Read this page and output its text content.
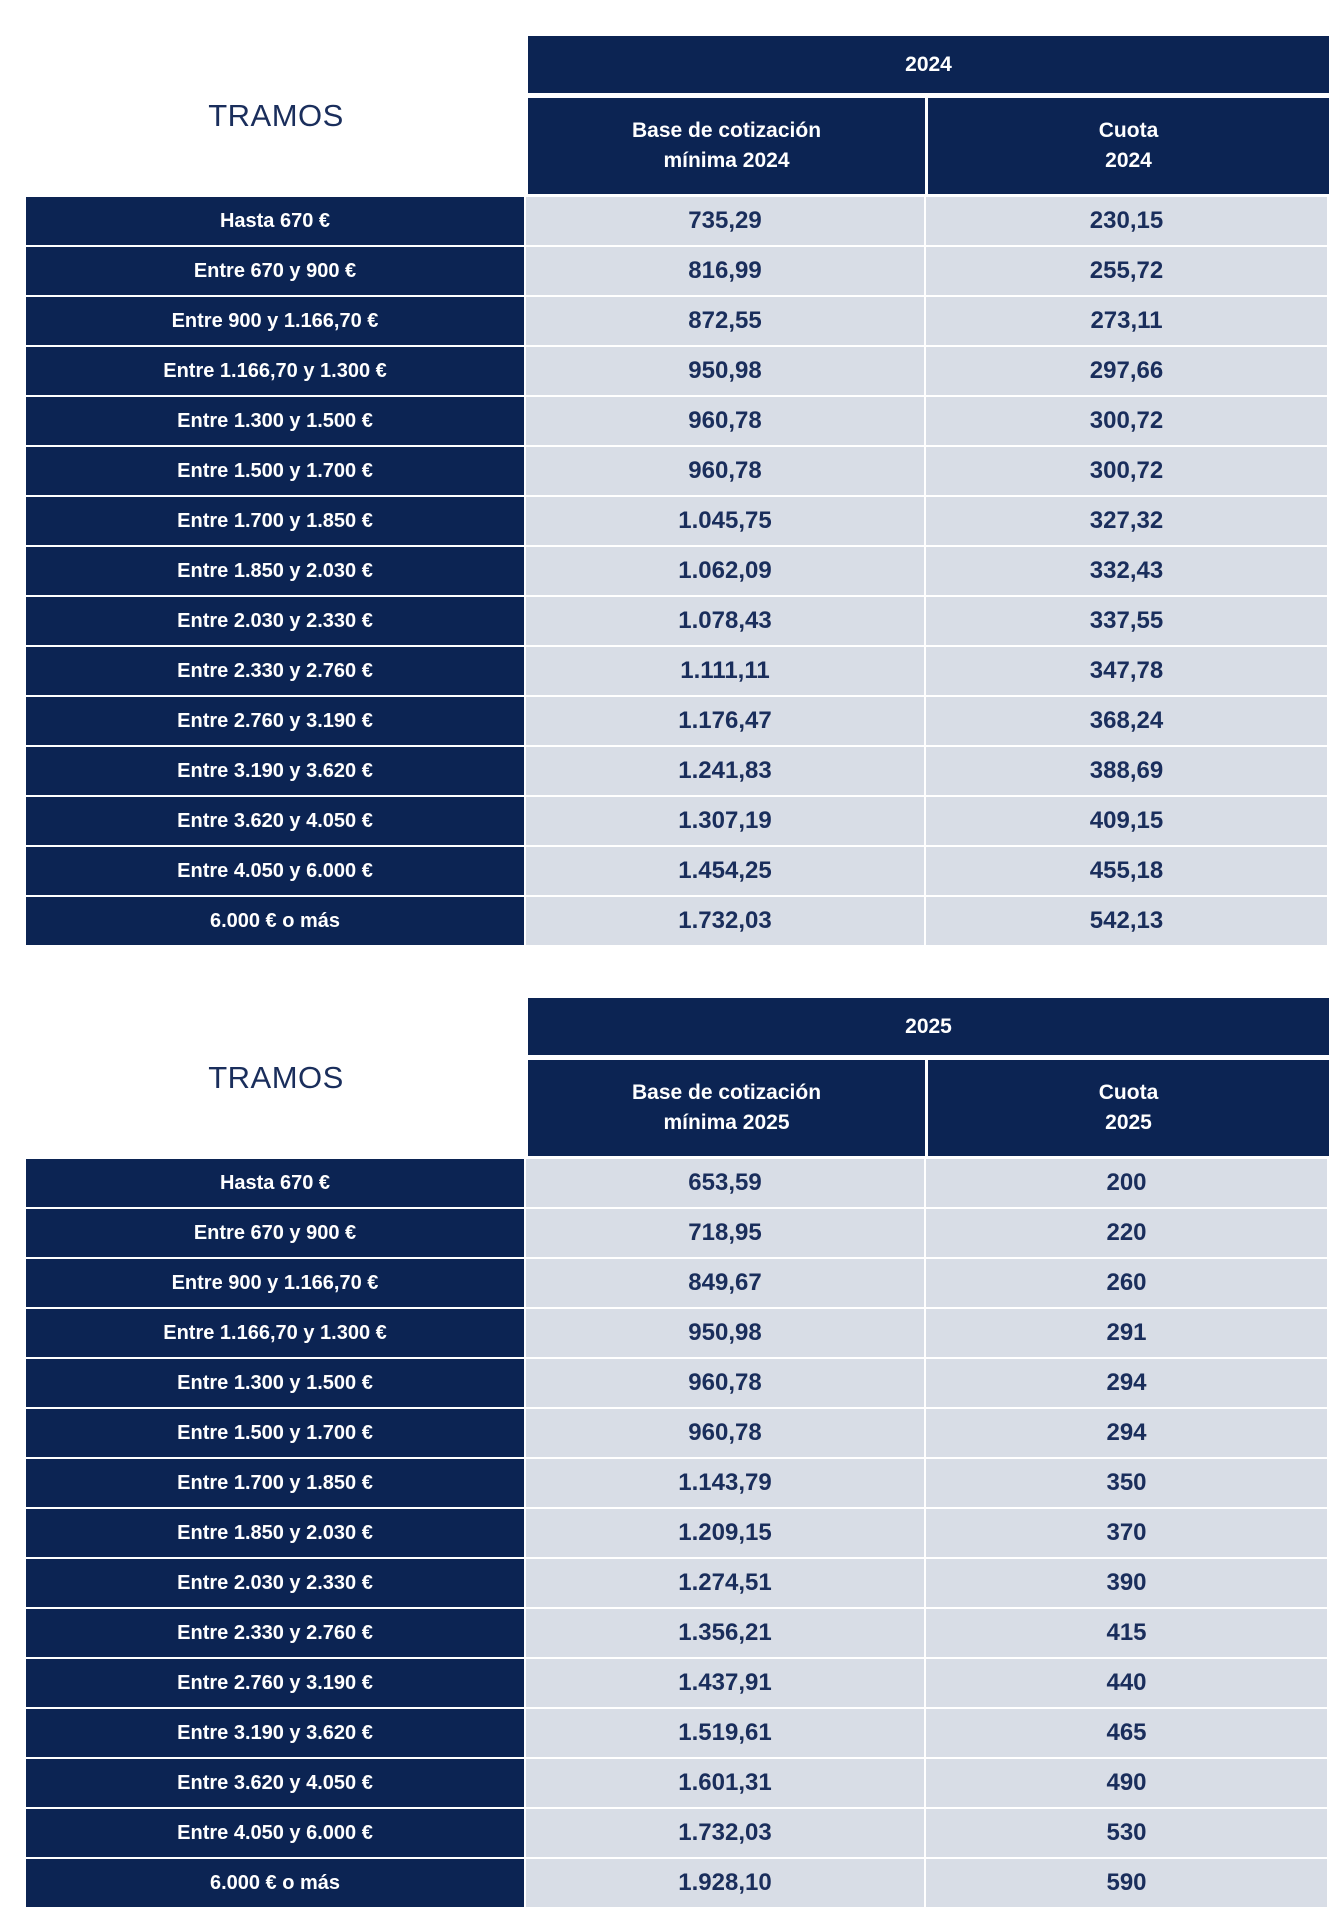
TRAMOS
2024
Base de cotización
mínima 2024
Cuota
2024
Hasta 670 €	735,29	230,15
Entre 670 y 900 €	816,99	255,72
Entre 900 y 1.166,70 €	872,55	273,11
Entre 1.166,70 y 1.300 €	950,98	297,66
Entre 1.300 y 1.500 €	960,78	300,72
Entre 1.500 y 1.700 €	960,78	300,72
Entre 1.700 y 1.850 €	1.045,75	327,32
Entre 1.850 y 2.030 €	1.062,09	332,43
Entre 2.030 y 2.330 €	1.078,43	337,55
Entre 2.330 y 2.760 €	1.111,11	347,78
Entre 2.760 y 3.190 €	1.176,47	368,24
Entre 3.190 y 3.620 €	1.241,83	388,69
Entre 3.620 y 4.050 €	1.307,19	409,15
Entre 4.050 y 6.000 €	1.454,25	455,18
6.000 € o más	1.732,03	542,13
TRAMOS
2025
Base de cotización
mínima 2025
Cuota
2025
Hasta 670 €	653,59	200
Entre 670 y 900 €	718,95	220
Entre 900 y 1.166,70 €	849,67	260
Entre 1.166,70 y 1.300 €	950,98	291
Entre 1.300 y 1.500 €	960,78	294
Entre 1.500 y 1.700 €	960,78	294
Entre 1.700 y 1.850 €	1.143,79	350
Entre 1.850 y 2.030 €	1.209,15	370
Entre 2.030 y 2.330 €	1.274,51	390
Entre 2.330 y 2.760 €	1.356,21	415
Entre 2.760 y 3.190 €	1.437,91	440
Entre 3.190 y 3.620 €	1.519,61	465
Entre 3.620 y 4.050 €	1.601,31	490
Entre 4.050 y 6.000 €	1.732,03	530
6.000 € o más	1.928,10	590
